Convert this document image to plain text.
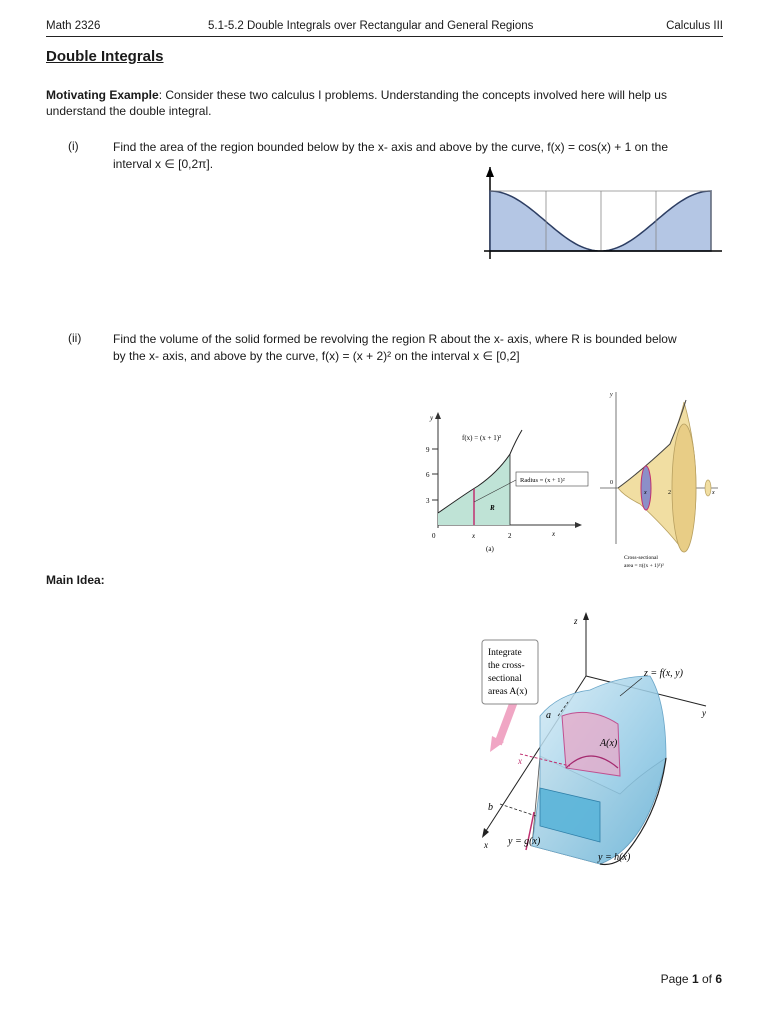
Math 2326	5.1-5.2 Double Integrals over Rectangular and General Regions	Calculus III
Double Integrals
Motivating Example: Consider these two calculus I problems. Understanding the concepts involved here will help us understand the double integral.
(i)	Find the area of the region bounded below by the x- axis and above by the curve, f(x) = cos(x) + 1 on the
interval x ∈ [0,2π].
(ii)	Find the volume of the solid formed be revolving the region R about the x- axis, where R is bounded below
by the x- axis, and above by the curve, f(x) = (x + 2)² on the interval x ∈ [0,2]
y
9
6
3
0	x	2	x
f(x) = (x + 1)²
R
Radius = (x + 1)²
(a)
y
x
0
x	2
Cross-sectional
area = π((x + 1)²)²
Main Idea:
Integrate
the cross-
sectional
areas A(x)
z
y
x
z = f(x, y)
a
b
x
A(x)
y = g(x)
y = h(x)
Page 1 of 6
